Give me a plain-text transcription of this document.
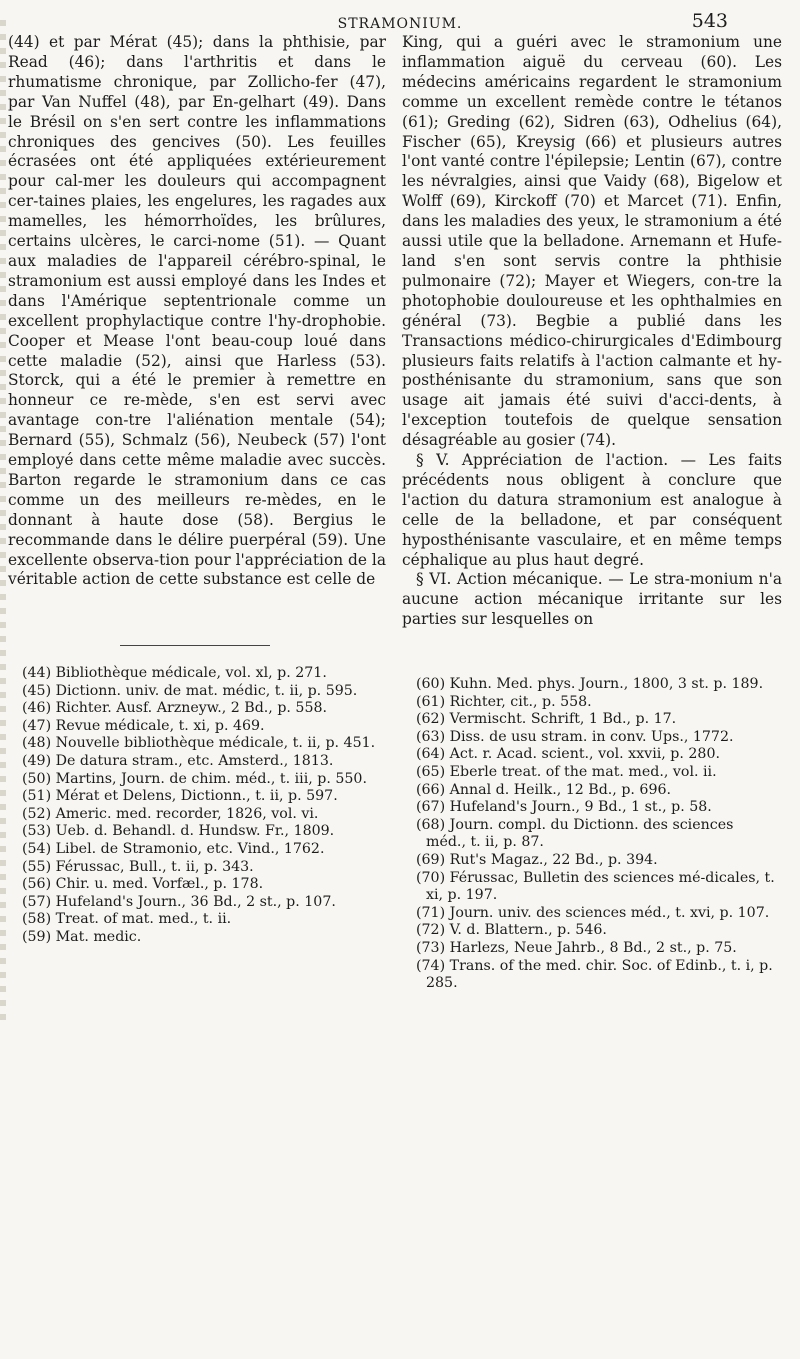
STRAMONIUM.	543

(44) et par Mérat (45); dans la phthisie, par Read (46); dans l'arthritis et dans le rhumatisme chronique, par Zollicho-fer (47), par Van Nuffel (48), par En-gelhart (49). Dans le Brésil on s'en sert contre les inflammations chroniques des gencives (50). Les feuilles écrasées ont été appliquées extérieurement pour cal-mer les douleurs qui accompagnent cer-taines plaies, les engelures, les ragades aux mamelles, les hémorrhoïdes, les brûlures, certains ulcères, le carci-nome (51). — Quant aux maladies de l'appareil cérébro-spinal, le stramonium est aussi employé dans les Indes et dans l'Amérique septentrionale comme un excellent prophylactique contre l'hy-drophobie. Cooper et Mease l'ont beau-coup loué dans cette maladie (52), ainsi que Harless (53). Storck, qui a été le premier à remettre en honneur ce re-mède, s'en est servi avec avantage con-tre l'aliénation mentale (54); Bernard (55), Schmalz (56), Neubeck (57) l'ont employé dans cette même maladie avec succès. Barton regarde le stramonium dans ce cas comme un des meilleurs re-mèdes, en le donnant à haute dose (58). Bergius le recommande dans le délire puerpéral (59). Une excellente observa-tion pour l'appréciation de la véritable action de cette substance est celle de

King, qui a guéri avec le stramonium une inflammation aiguë du cerveau (60). Les médecins américains regardent le stramonium comme un excellent remède contre le tétanos (61); Greding (62), Sidren (63), Odhelius (64), Fischer (65), Kreysig (66) et plusieurs autres l'ont vanté contre l'épilepsie; Lentin (67), contre les névralgies, ainsi que Vaidy (68), Bigelow et Wolff (69), Kirckoff (70) et Marcet (71). Enfin, dans les maladies des yeux, le stramonium a été aussi utile que la belladone. Arnemann et Hufe-land s'en sont servis contre la phthisie pulmonaire (72); Mayer et Wiegers, con-tre la photophobie douloureuse et les ophthalmies en général (73). Begbie a publié dans les Transactions médico-chirurgicales d'Edimbourg plusieurs faits relatifs à l'action calmante et hy-posthénisante du stramonium, sans que son usage ait jamais été suivi d'acci-dents, à l'exception toutefois de quelque sensation désagréable au gosier (74).

§ V. Appréciation de l'action. — Les faits précédents nous obligent à conclure que l'action du datura stramonium est analogue à celle de la belladone, et par conséquent hyposthénisante vasculaire, et en même temps céphalique au plus haut degré.

§ VI. Action mécanique. — Le stra-monium n'a aucune action mécanique irritante sur les parties sur lesquelles on

(44) Bibliothèque médicale, vol. xl, p. 271.

(45) Dictionn. univ. de mat. médic, t. ii, p. 595.

(46) Richter. Ausf. Arzneyw., 2 Bd., p. 558.

(47) Revue médicale, t. xi, p. 469.

(48) Nouvelle bibliothèque médicale, t. ii, p. 451.

(49) De datura stram., etc. Amsterd., 1813.

(50) Martins, Journ. de chim. méd., t. iii, p. 550.

(51) Mérat et Delens, Dictionn., t. ii, p. 597.

(52) Americ. med. recorder, 1826, vol. vi.

(53) Ueb. d. Behandl. d. Hundsw. Fr., 1809.

(54) Libel. de Stramonio, etc. Vind., 1762.

(55) Férussac, Bull., t. ii, p. 343.

(56) Chir. u. med. Vorfæl., p. 178.

(57) Hufeland's Journ., 36 Bd., 2 st., p. 107.

(58) Treat. of mat. med., t. ii.

(59) Mat. medic.

(60) Kuhn. Med. phys. Journ., 1800, 3 st. p. 189.

(61) Richter, cit., p. 558.

(62) Vermischt. Schrift, 1 Bd., p. 17.

(63) Diss. de usu stram. in conv. Ups., 1772.

(64) Act. r. Acad. scient., vol. xxvii, p. 280.

(65) Eberle treat. of the mat. med., vol. ii.

(66) Annal d. Heilk., 12 Bd., p. 696.

(67) Hufeland's Journ., 9 Bd., 1 st., p. 58.

(68) Journ. compl. du Dictionn. des sciences méd., t. ii, p. 87.

(69) Rut's Magaz., 22 Bd., p. 394.

(70) Férussac, Bulletin des sciences mé-dicales, t. xi, p. 197.

(71) Journ. univ. des sciences méd., t. xvi, p. 107.

(72) V. d. Blattern., p. 546.

(73) Harlezs, Neue Jahrb., 8 Bd., 2 st., p. 75.

(74) Trans. of the med. chir. Soc. of Edinb., t. i, p. 285.
